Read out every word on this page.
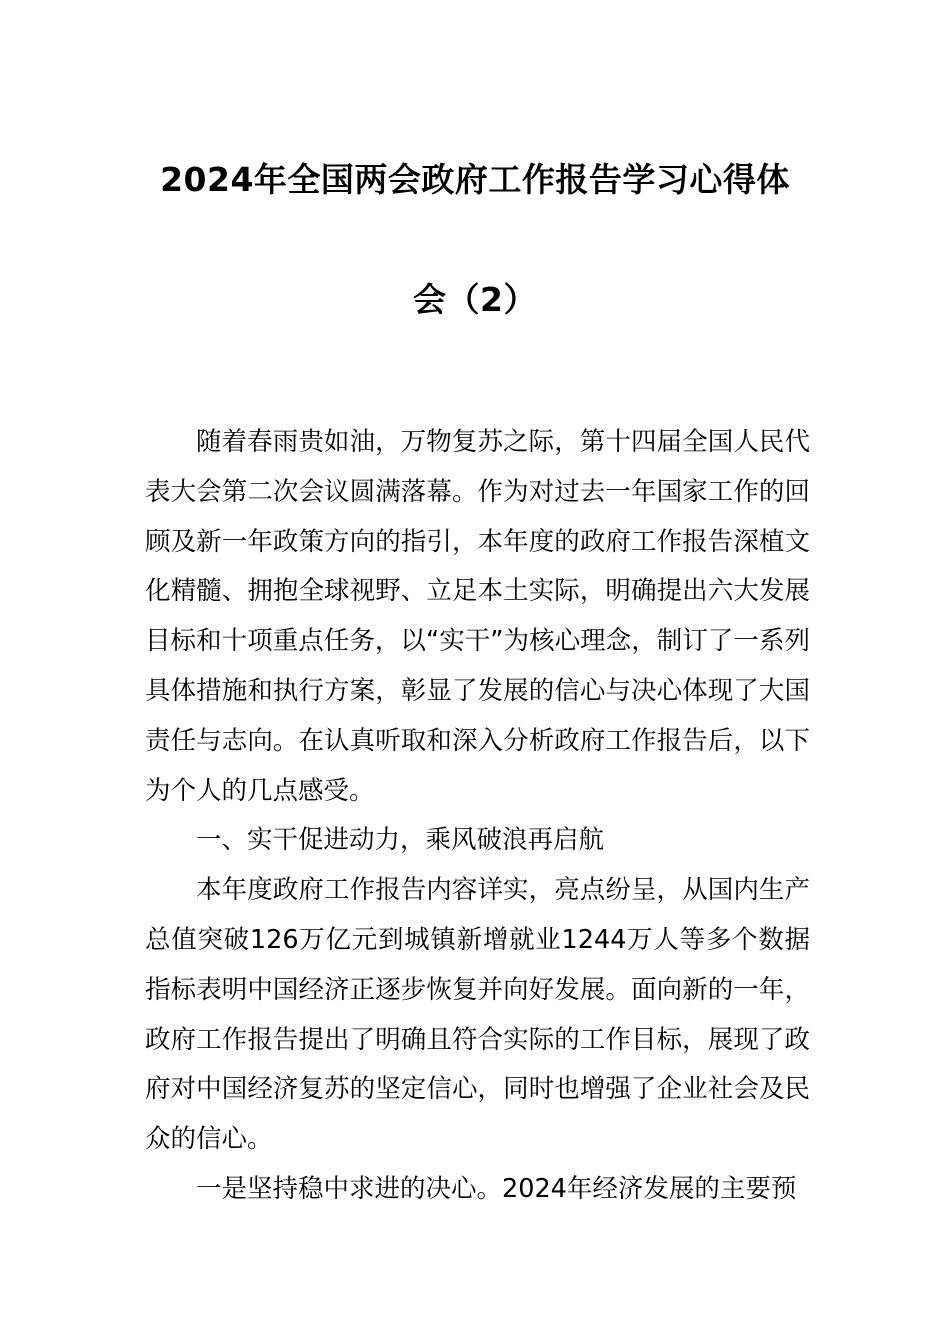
2024年全国两会政府工作报告学习心得体
会（2）

随着春雨贵如油，万物复苏之际，第十四届全国人民代表大会第二次会议圆满落幕。作为对过去一年国家工作的回顾及新一年政策方向的指引，本年度的政府工作报告深植文化精髓、拥抱全球视野、立足本土实际，明确提出六大发展目标和十项重点任务，以“实干”为核心理念，制订了一系列具体措施和执行方案，彰显了发展的信心与决心体现了大国责任与志向。在认真听取和深入分析政府工作报告后，以下为个人的几点感受。

一、实干促进动力，乘风破浪再启航

本年度政府工作报告内容详实，亮点纷呈，从国内生产总值突破126万亿元到城镇新增就业1244万人等多个数据指标表明中国经济正逐步恢复并向好发展。面向新的一年，政府工作报告提出了明确且符合实际的工作目标，展现了政府对中国经济复苏的坚定信心，同时也增强了企业社会及民众的信心。

一是坚持稳中求进的决心。2024年经济发展的主要预
